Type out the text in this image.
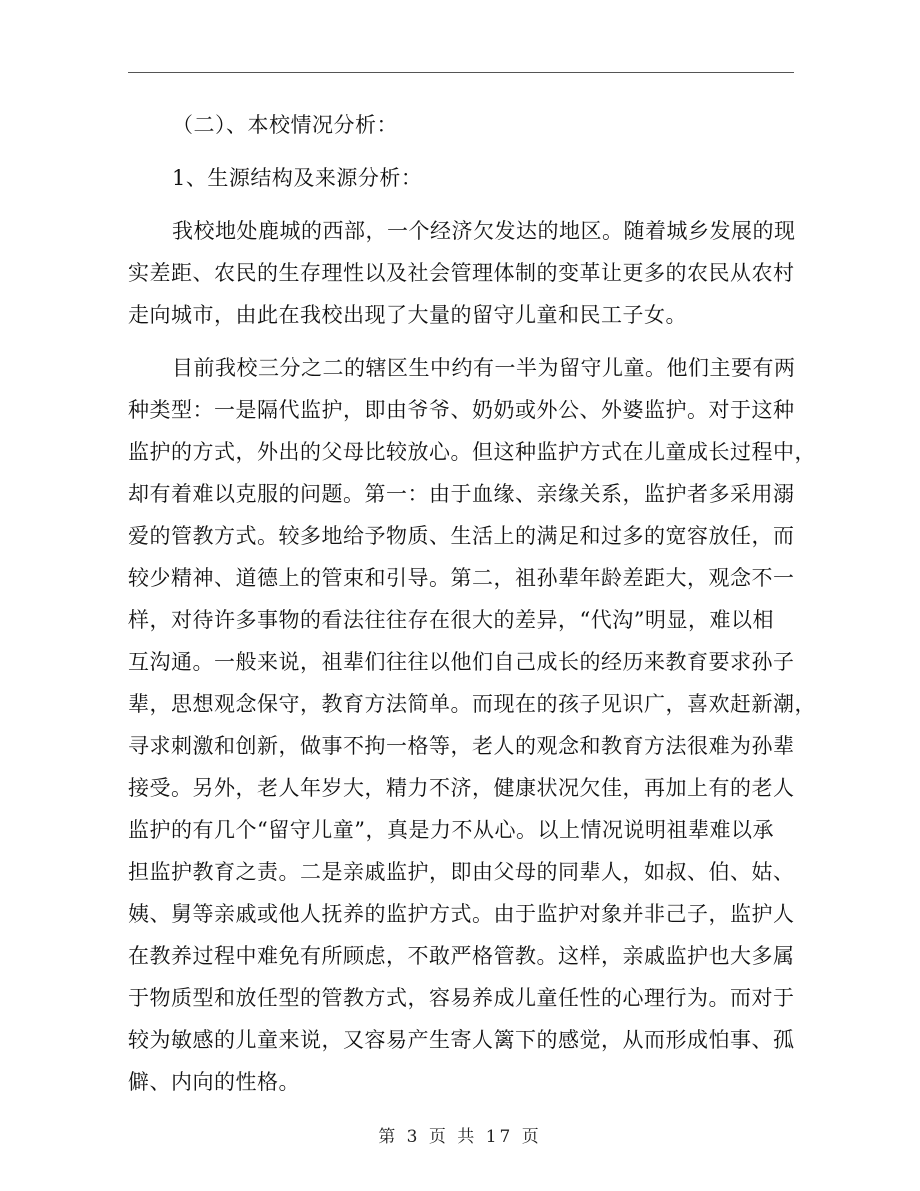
（二）、本校情况分析：
1、生源结构及来源分析：
我校地处鹿城的西部，一个经济欠发达的地区。随着城乡发展的现
实差距、农民的生存理性以及社会管理体制的变革让更多的农民从农村
走向城市，由此在我校出现了大量的留守儿童和民工子女。
目前我校三分之二的辖区生中约有一半为留守儿童。他们主要有两
种类型：一是隔代监护，即由爷爷、奶奶或外公、外婆监护。对于这种
监护的方式，外出的父母比较放心。但这种监护方式在儿童成长过程中，
却有着难以克服的问题。第一：由于血缘、亲缘关系，监护者多采用溺
爱的管教方式。较多地给予物质、生活上的满足和过多的宽容放任，而
较少精神、道德上的管束和引导。第二，祖孙辈年龄差距大，观念不一
样，对待许多事物的看法往往存在很大的差异，“代沟”明显，难以相
互沟通。一般来说，祖辈们往往以他们自己成长的经历来教育要求孙子
辈，思想观念保守，教育方法简单。而现在的孩子见识广，喜欢赶新潮，
寻求刺激和创新，做事不拘一格等，老人的观念和教育方法很难为孙辈
接受。另外，老人年岁大，精力不济，健康状况欠佳，再加上有的老人
监护的有几个“留守儿童”，真是力不从心。以上情况说明祖辈难以承
担监护教育之责。二是亲戚监护，即由父母的同辈人，如叔、伯、姑、
姨、舅等亲戚或他人抚养的监护方式。由于监护对象并非己子，监护人
在教养过程中难免有所顾虑，不敢严格管教。这样，亲戚监护也大多属
于物质型和放任型的管教方式，容易养成儿童任性的心理行为。而对于
较为敏感的儿童来说，又容易产生寄人篱下的感觉，从而形成怕事、孤
僻、内向的性格。
第 3 页 共 17 页
